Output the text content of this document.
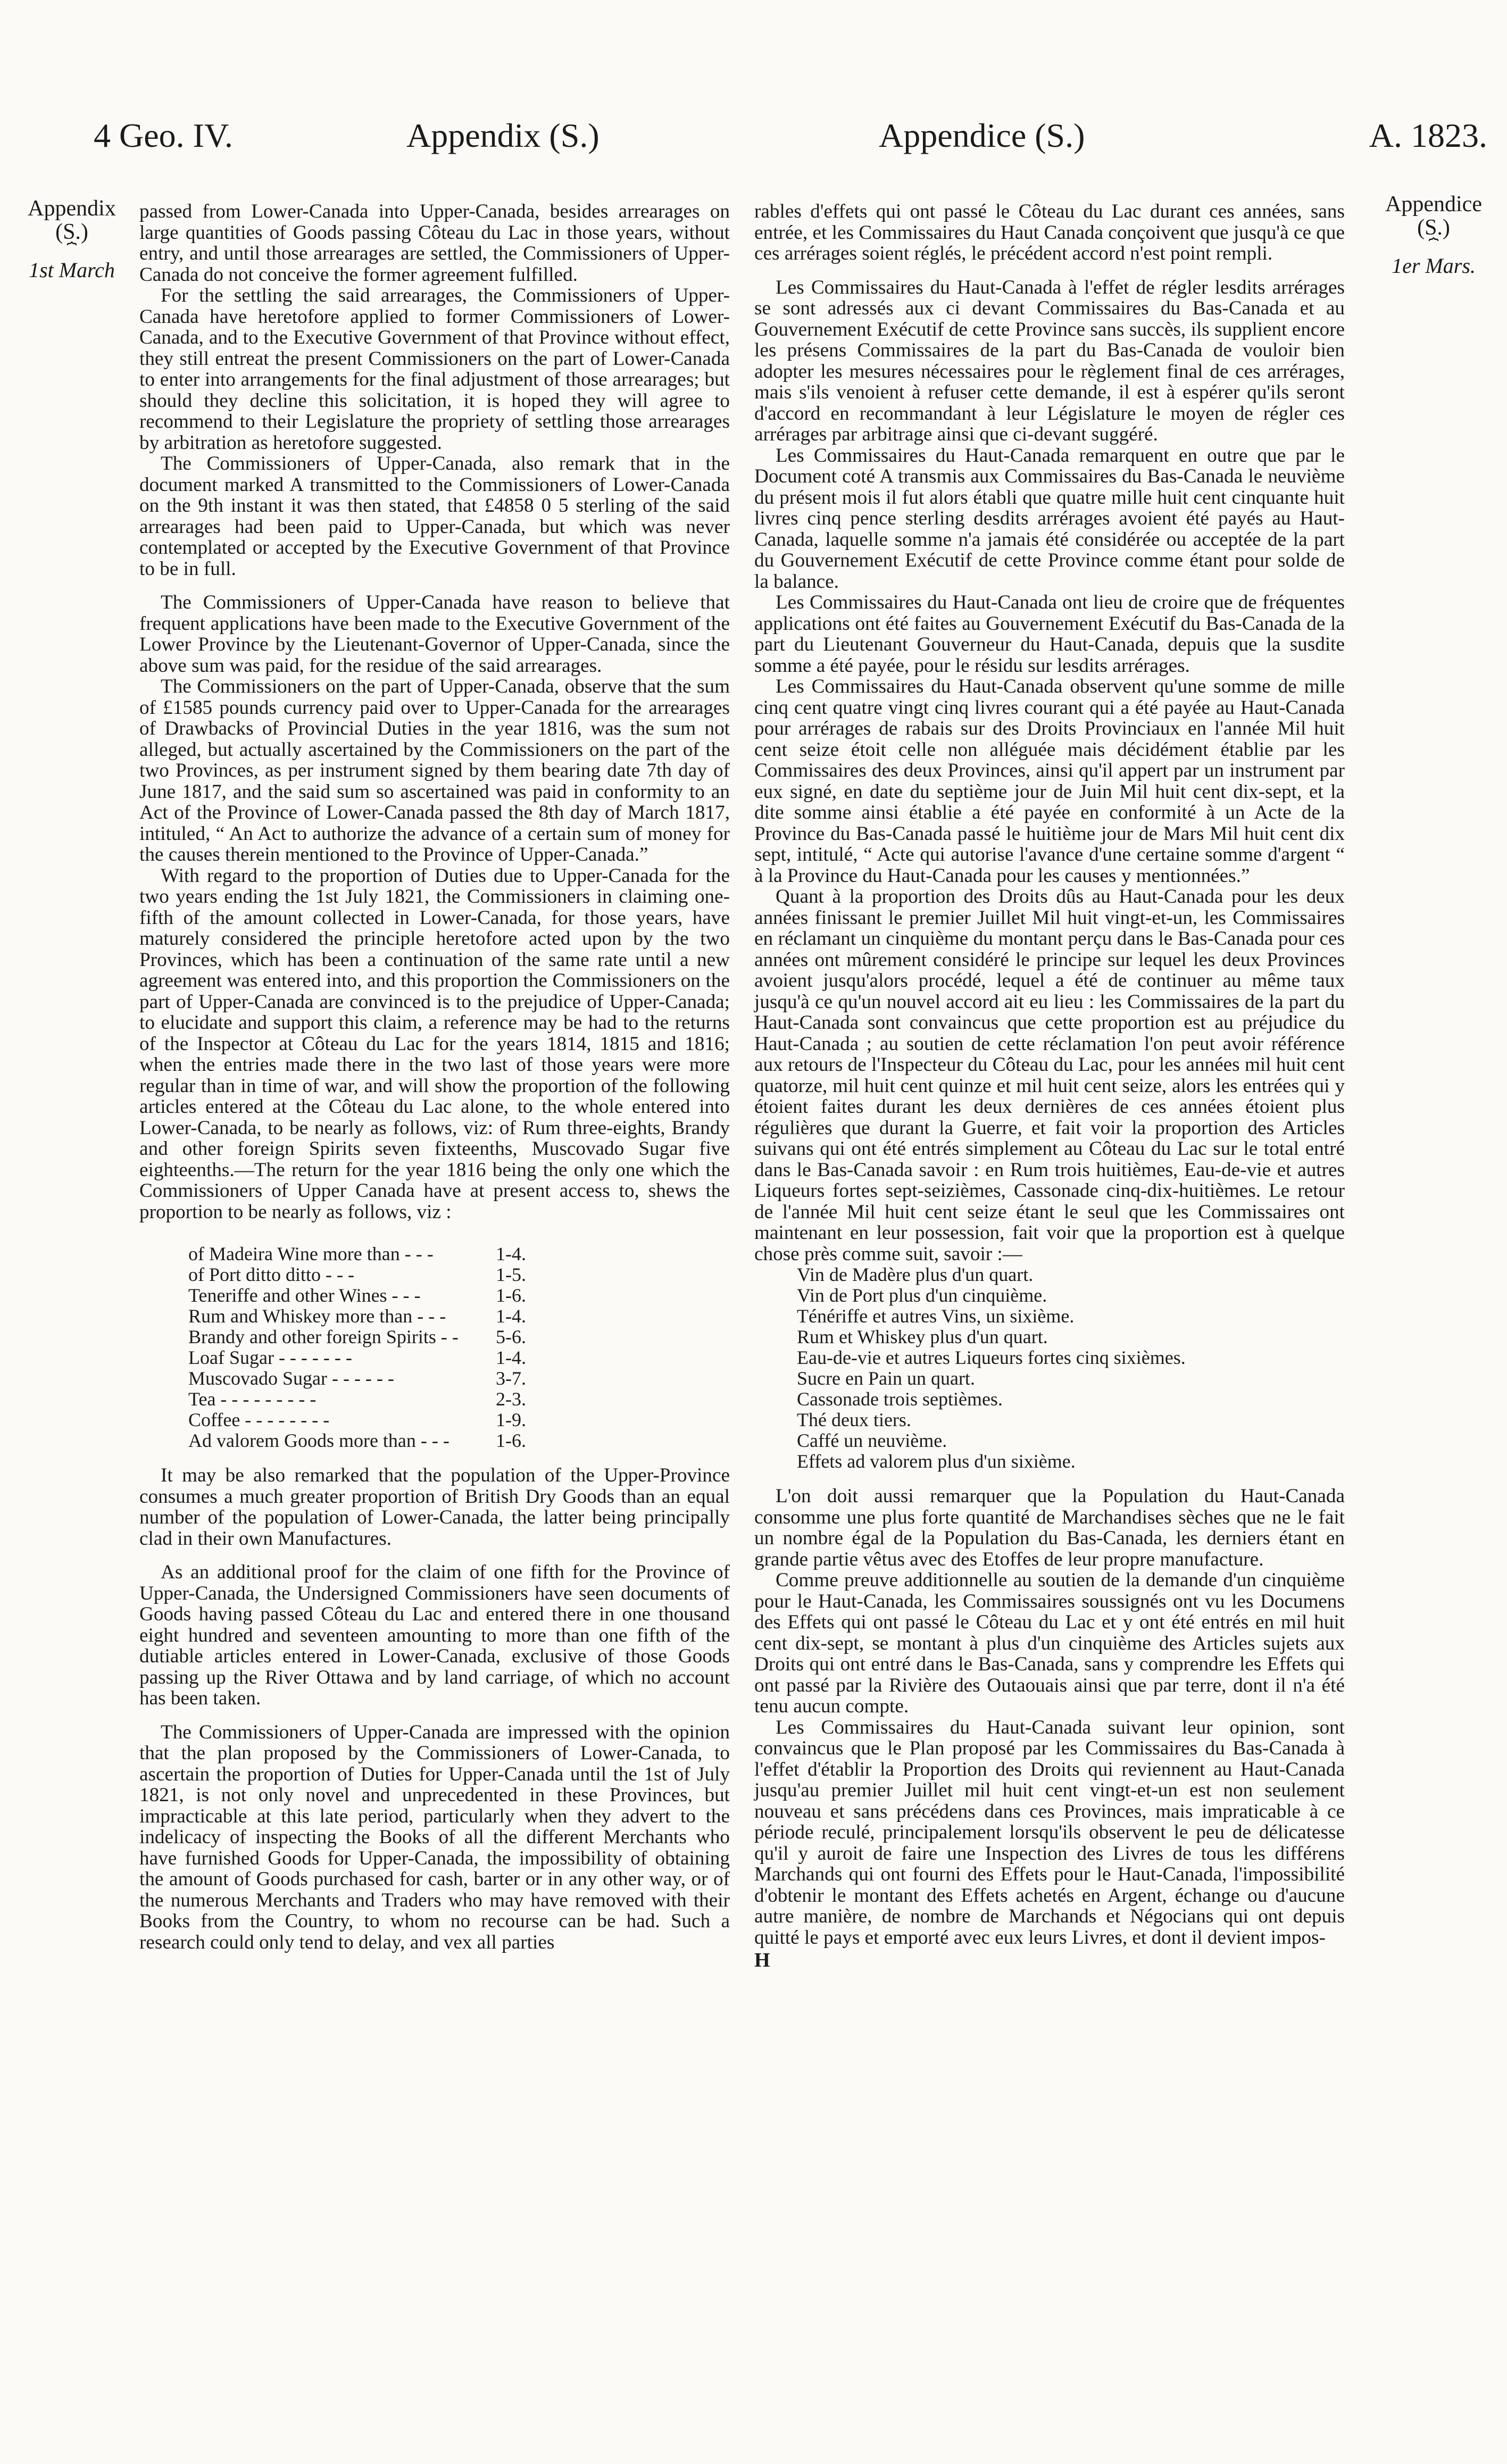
4 Geo. IV.	Appendix (S.)	Appendice (S.)	A. 1823.
Appendix
(S.)
⏞
1st March
Appendice
(S.)
⏞
1er Mars.

passed from Lower-Canada into Upper-Canada, besides arrearages on large quantities of Goods passing Côteau du Lac in those years, without entry, and until those arrearages are settled, the Commissioners of Upper-Canada do not conceive the former agreement fulfilled.

For the settling the said arrearages, the Commissioners of Upper-Canada have heretofore applied to former Commissioners of Lower-Canada, and to the Executive Government of that Province without effect, they still entreat the present Commissioners on the part of Lower-Canada to enter into arrangements for the final adjustment of those arrearages; but should they decline this solicitation, it is hoped they will agree to recommend to their Legislature the propriety of settling those arrearages by arbitration as heretofore suggested.

The Commissioners of Upper-Canada, also remark that in the document marked A transmitted to the Commissioners of Lower-Canada on the 9th instant it was then stated, that £4858 0 5 sterling of the said arrearages had been paid to Upper-Canada, but which was never contemplated or accepted by the Executive Government of that Province to be in full.

The Commissioners of Upper-Canada have reason to believe that frequent applications have been made to the Executive Government of the Lower Province by the Lieutenant-Governor of Upper-Canada, since the above sum was paid, for the residue of the said arrearages.

The Commissioners on the part of Upper-Canada, observe that the sum of £1585 pounds currency paid over to Upper-Canada for the arrearages of Drawbacks of Provincial Duties in the year 1816, was the sum not alleged, but actually ascertained by the Commissioners on the part of the two Provinces, as per instrument signed by them bearing date 7th day of June 1817, and the said sum so ascertained was paid in conformity to an Act of the Province of Lower-Canada passed the 8th day of March 1817, intituled, “ An Act to authorize the advance of a certain sum of money for the causes therein mentioned to the Province of Upper-Canada.”

With regard to the proportion of Duties due to Upper-Canada for the two years ending the 1st July 1821, the Commissioners in claiming one-fifth of the amount collected in Lower-Canada, for those years, have maturely considered the principle heretofore acted upon by the two Provinces, which has been a continuation of the same rate until a new agreement was entered into, and this proportion the Commissioners on the part of Upper-Canada are convinced is to the prejudice of Upper-Canada; to elucidate and support this claim, a reference may be had to the returns of the Inspector at Côteau du Lac for the years 1814, 1815 and 1816; when the entries made there in the two last of those years were more regular than in time of war, and will show the proportion of the following articles entered at the Côteau du Lac alone, to the whole entered into Lower-Canada, to be nearly as follows, viz: of Rum three-eights, Brandy and other foreign Spirits seven fixteenths, Muscovado Sugar five eighteenths.—The return for the year 1816 being the only one which the Commissioners of Upper Canada have at present access to, shews the proportion to be nearly as follows, viz :

of Madeira Wine more than - - -	1-4.
of Port ditto ditto - - -	1-5.
Teneriffe and other Wines - - -	1-6.
Rum and Whiskey more than - - -	1-4.
Brandy and other foreign Spirits - -	5-6.
Loaf Sugar - - - - - - -	1-4.
Muscovado Sugar - - - - - -	3-7.
Tea - - - - - - - - -	2-3.
Coffee - - - - - - - -	1-9.
Ad valorem Goods more than - - -	1-6.

It may be also remarked that the population of the Upper-Province consumes a much greater proportion of British Dry Goods than an equal number of the population of Lower-Canada, the latter being principally clad in their own Manufactures.

As an additional proof for the claim of one fifth for the Province of Upper-Canada, the Undersigned Commissioners have seen documents of Goods having passed Côteau du Lac and entered there in one thousand eight hundred and seventeen amounting to more than one fifth of the dutiable articles entered in Lower-Canada, exclusive of those Goods passing up the River Ottawa and by land carriage, of which no account has been taken.

The Commissioners of Upper-Canada are impressed with the opinion that the plan proposed by the Commissioners of Lower-Canada, to ascertain the proportion of Duties for Upper-Canada until the 1st of July 1821, is not only novel and unprecedented in these Provinces, but impracticable at this late period, particularly when they advert to the indelicacy of inspecting the Books of all the different Merchants who have furnished Goods for Upper-Canada, the impossibility of obtaining the amount of Goods purchased for cash, barter or in any other way, or of the numerous Merchants and Traders who may have removed with their Books from the Country, to whom no recourse can be had. Such a research could only tend to delay, and vex all parties

rables d'effets qui ont passé le Côteau du Lac durant ces années, sans entrée, et les Commissaires du Haut Canada conçoivent que jusqu'à ce que ces arrérages soient réglés, le précédent accord n'est point rempli.

Les Commissaires du Haut-Canada à l'effet de régler lesdits arrérages se sont adressés aux ci devant Commissaires du Bas-Canada et au Gouvernement Exécutif de cette Province sans succès, ils supplient encore les présens Commissaires de la part du Bas-Canada de vouloir bien adopter les mesures nécessaires pour le règlement final de ces arrérages, mais s'ils venoient à refuser cette demande, il est à espérer qu'ils seront d'accord en recommandant à leur Législature le moyen de régler ces arrérages par arbitrage ainsi que ci-devant suggéré.

Les Commissaires du Haut-Canada remarquent en outre que par le Document coté A transmis aux Commissaires du Bas-Canada le neuvième du présent mois il fut alors établi que quatre mille huit cent cinquante huit livres cinq pence sterling desdits arrérages avoient été payés au Haut-Canada, laquelle somme n'a jamais été considérée ou acceptée de la part du Gouvernement Exécutif de cette Province comme étant pour solde de la balance.

Les Commissaires du Haut-Canada ont lieu de croire que de fréquentes applications ont été faites au Gouvernement Exécutif du Bas-Canada de la part du Lieutenant Gouverneur du Haut-Canada, depuis que la susdite somme a été payée, pour le résidu sur lesdits arrérages.

Les Commissaires du Haut-Canada observent qu'une somme de mille cinq cent quatre vingt cinq livres courant qui a été payée au Haut-Canada pour arrérages de rabais sur des Droits Provinciaux en l'année Mil huit cent seize étoit celle non alléguée mais décidément établie par les Commissaires des deux Provinces, ainsi qu'il appert par un instrument par eux signé, en date du septième jour de Juin Mil huit cent dix-sept, et la dite somme ainsi établie a été payée en conformité à un Acte de la Province du Bas-Canada passé le huitième jour de Mars Mil huit cent dix sept, intitulé, “ Acte qui autorise l'avance d'une certaine somme d'argent “ à la Province du Haut-Canada pour les causes y mentionnées.”

Quant à la proportion des Droits dûs au Haut-Canada pour les deux années finissant le premier Juillet Mil huit vingt-et-un, les Commissaires en réclamant un cinquième du montant perçu dans le Bas-Canada pour ces années ont mûrement considéré le principe sur lequel les deux Provinces avoient jusqu'alors procédé, lequel a été de continuer au même taux jusqu'à ce qu'un nouvel accord ait eu lieu : les Commissaires de la part du Haut-Canada sont convaincus que cette proportion est au préjudice du Haut-Canada ; au soutien de cette réclamation l'on peut avoir référence aux retours de l'Inspecteur du Côteau du Lac, pour les années mil huit cent quatorze, mil huit cent quinze et mil huit cent seize, alors les entrées qui y étoient faites durant les deux dernières de ces années étoient plus régulières que durant la Guerre, et fait voir la proportion des Articles suivans qui ont été entrés simplement au Côteau du Lac sur le total entré dans le Bas-Canada savoir : en Rum trois huitièmes, Eau-de-vie et autres Liqueurs fortes sept-seizièmes, Cassonade cinq-dix-huitièmes. Le retour de l'année Mil huit cent seize étant le seul que les Commissaires ont maintenant en leur possession, fait voir que la proportion est à quelque chose près comme suit, savoir :—

Vin de Madère plus d'un quart.
Vin de Port plus d'un cinquième.
Ténériffe et autres Vins, un sixième.
Rum et Whiskey plus d'un quart.
Eau-de-vie et autres Liqueurs fortes cinq sixièmes.
Sucre en Pain un quart.
Cassonade trois septièmes.
Thé deux tiers.
Caffé un neuvième.
Effets ad valorem plus d'un sixième.

L'on doit aussi remarquer que la Population du Haut-Canada consomme une plus forte quantité de Marchandises sèches que ne le fait un nombre égal de la Population du Bas-Canada, les derniers étant en grande partie vêtus avec des Etoffes de leur propre manufacture.

Comme preuve additionnelle au soutien de la demande d'un cinquième pour le Haut-Canada, les Commissaires soussignés ont vu les Documens des Effets qui ont passé le Côteau du Lac et y ont été entrés en mil huit cent dix-sept, se montant à plus d'un cinquième des Articles sujets aux Droits qui ont entré dans le Bas-Canada, sans y comprendre les Effets qui ont passé par la Rivière des Outaouais ainsi que par terre, dont il n'a été tenu aucun compte.

Les Commissaires du Haut-Canada suivant leur opinion, sont convaincus que le Plan proposé par les Commissaires du Bas-Canada à l'effet d'établir la Proportion des Droits qui reviennent au Haut-Canada jusqu'au premier Juillet mil huit cent vingt-et-un est non seulement nouveau et sans précédens dans ces Provinces, mais impraticable à ce période reculé, principalement lorsqu'ils observent le peu de délicatesse qu'il y auroit de faire une Inspection des Livres de tous les différens Marchands qui ont fourni des Effets pour le Haut-Canada, l'impossibilité d'obtenir le montant des Effets achetés en Argent, échange ou d'aucune autre manière, de nombre de Marchands et Négocians qui ont depuis quitté le pays et emporté avec eux leurs Livres, et dont il devient impos-

H
